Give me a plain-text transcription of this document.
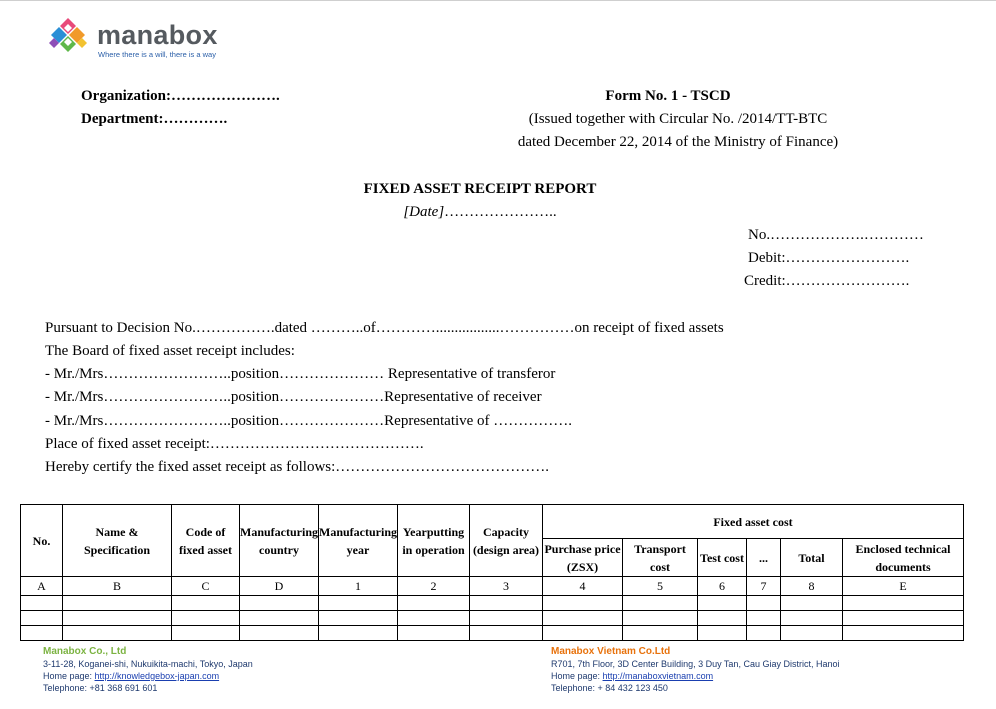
manabox
Where there is a will, there is a way
Organization:………………….
Department:………….
Form No. 1 - TSCD
(Issued together with Circular No. /2014/TT-BTC
dated December 22, 2014 of the Ministry of Finance)
FIXED ASSET RECEIPT REPORT
[Date]…………………..
No.……………….…………
Debit:…………………….
Credit:…………………….
Pursuant to Decision No.…………….dated ………..of………….................……………on receipt of fixed assets
The Board of fixed asset receipt includes:
- Mr./Mrs……………………..position………………… Representative of transferor
- Mr./Mrs……………………..position…………………Representative of receiver
- Mr./Mrs……………………..position…………………Representative of …………….
Place of fixed asset receipt:…………………………………….
Hereby certify the fixed asset receipt as follows:…………………………………….
No.	Name & Specification	Code of fixed asset	Manufacturing country	Manufacturing year	Yearputting in operation	Capacity (design area)	Fixed asset cost					
							Purchase price (ZSX)	Transport cost	Test cost	...	Total	Enclosed technical documents
A	B	C	D	1	2	3	4	5	6	7	8	E

Manabox Co., Ltd
3-11-28, Koganei-shi, Nukuikita-machi, Tokyo, Japan
Home page: http://knowledgebox-japan.com
Telephone: +81 368 691 601
Manabox Vietnam Co.Ltd
R701, 7th Floor, 3D Center Building, 3 Duy Tan, Cau Giay District, Hanoi
Home page: http://manaboxvietnam.com
Telephone: + 84 432 123 450
